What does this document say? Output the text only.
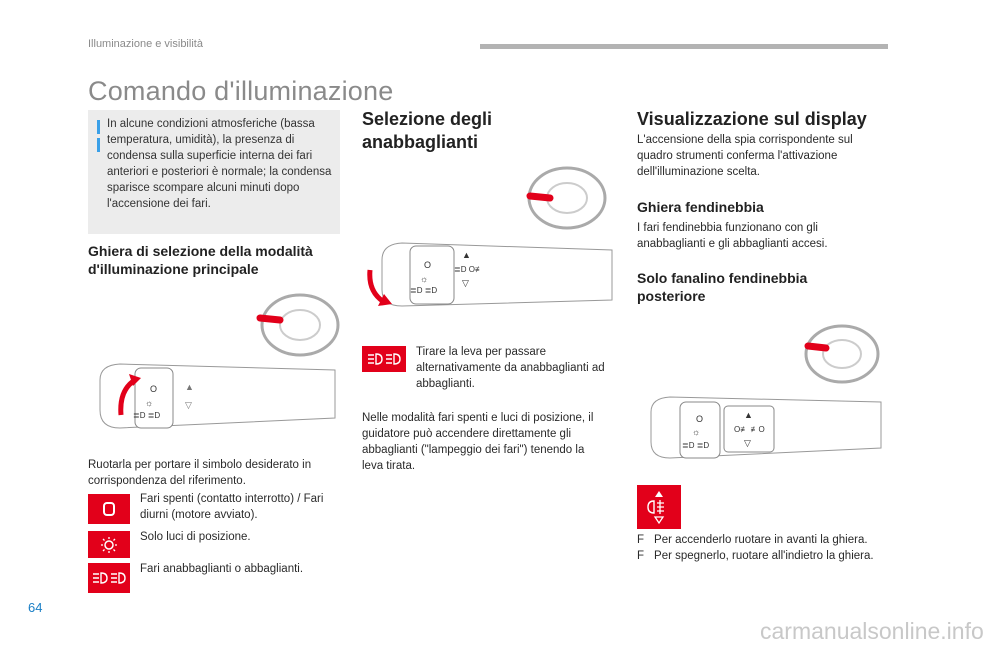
Illuminazione e visibilità
Comando d'illuminazione
In alcune condizioni atmosferiche (bassa temperatura, umidità), la presenza di condensa sulla superficie interna dei fari anteriori e posteriori è normale; la condensa sparisce scompare alcuni minuti dopo l'accensione dei fari.
Ghiera di selezione della modalità d'illuminazione principale
O
☼
≣D ≣D
▲
▽
Ruotarla per portare il simbolo desiderato in corrispondenza del riferimento.
Fari spenti (contatto interrotto) / Fari diurni (motore avviato).
Solo luci di posizione.
Fari anabbaglianti o abbaglianti.
Selezione degli anabbaglianti
O
☼
≣D ≣D
▲
≣D O≢
▽
Tirare la leva per passare alternativamente da anabbaglianti ad abbaglianti.
Nelle modalità fari spenti e luci di posizione, il guidatore può accendere direttamente gli abbaglianti ("lampeggio dei fari") tenendo la leva tirata.
Visualizzazione sul display
L'accensione della spia corrispondente sul quadro strumenti conferma l'attivazione dell'illuminazione scelta.
Ghiera fendinebbia
I fari fendinebbia funzionano con gli anabbaglianti e gli abbaglianti accesi.
Solo fanalino fendinebbia posteriore
O
☼
≣D ≣D
▲
O≢ ≢O
▽
F Per accenderlo ruotare in avanti la ghiera.
F Per spegnerlo, ruotare all'indietro la ghiera.
64
carmanualsonline.info
